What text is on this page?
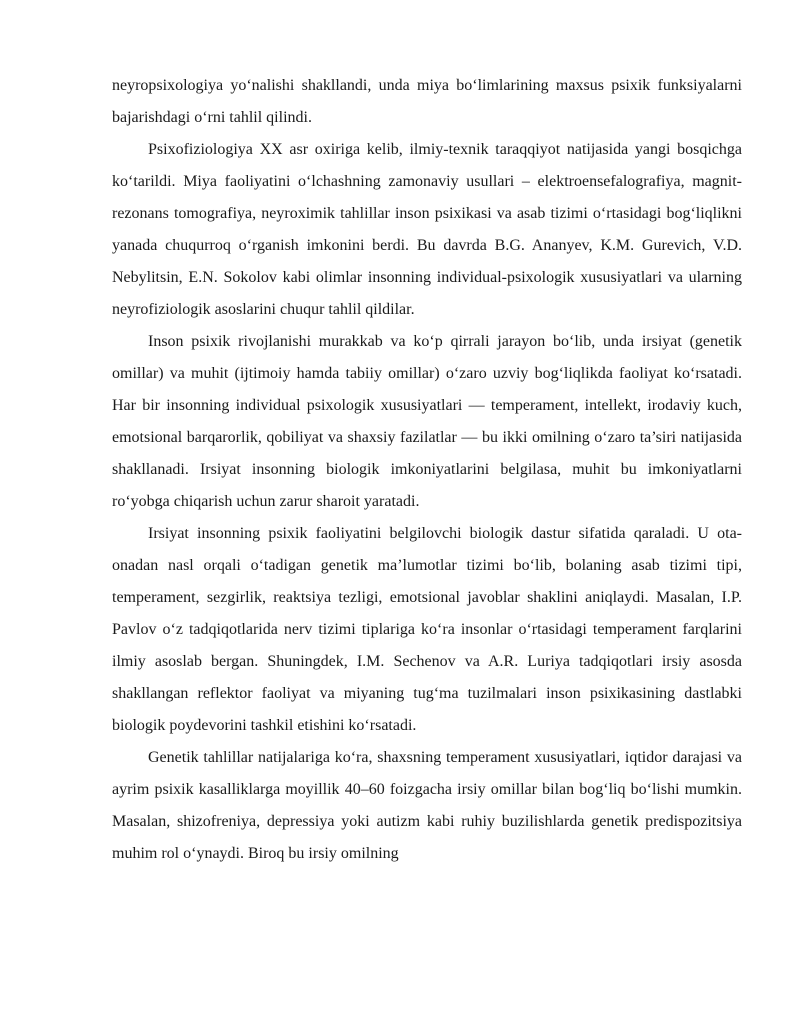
neyropsixologiya yo‘nalishi shakllandi, unda miya bo‘limlarining maxsus psixik funksiyalarni bajarishdagi o‘rni tahlil qilindi.

Psixofiziologiya XX asr oxiriga kelib, ilmiy-texnik taraqqiyot natijasida yangi bosqichga ko‘tarildi. Miya faoliyatini o‘lchashning zamonaviy usullari – elektroensefalografiya, magnit-rezonans tomografiya, neyroximik tahlillar inson psixikasi va asab tizimi o‘rtasidagi bog‘liqlikni yanada chuqurroq o‘rganish imkonini berdi. Bu davrda B.G. Ananyev, K.M. Gurevich, V.D. Nebylitsin, E.N. Sokolov kabi olimlar insonning individual-psixologik xususiyatlari va ularning neyrofiziologik asoslarini chuqur tahlil qildilar.

Inson psixik rivojlanishi murakkab va ko‘p qirrali jarayon bo‘lib, unda irsiyat (genetik omillar) va muhit (ijtimoiy hamda tabiiy omillar) o‘zaro uzviy bog‘liqlikda faoliyat ko‘rsatadi. Har bir insonning individual psixologik xususiyatlari — temperament, intellekt, irodaviy kuch, emotsional barqarorlik, qobiliyat va shaxsiy fazilatlar — bu ikki omilning o‘zaro ta’siri natijasida shakllanadi. Irsiyat insonning biologik imkoniyatlarini belgilasa, muhit bu imkoniyatlarni ro‘yobga chiqarish uchun zarur sharoit yaratadi.

Irsiyat insonning psixik faoliyatini belgilovchi biologik dastur sifatida qaraladi. U ota-onadan nasl orqali o‘tadigan genetik ma’lumotlar tizimi bo‘lib, bolaning asab tizimi tipi, temperament, sezgirlik, reaktsiya tezligi, emotsional javoblar shaklini aniqlaydi. Masalan, I.P. Pavlov o‘z tadqiqotlarida nerv tizimi tiplariga ko‘ra insonlar o‘rtasidagi temperament farqlarini ilmiy asoslab bergan. Shuningdek, I.M. Sechenov va A.R. Luriya tadqiqotlari irsiy asosda shakllangan reflektor faoliyat va miyaning tug‘ma tuzilmalari inson psixikasining dastlabki biologik poydevorini tashkil etishini ko‘rsatadi.

Genetik tahlillar natijalariga ko‘ra, shaxsning temperament xususiyatlari, iqtidor darajasi va ayrim psixik kasalliklarga moyillik 40–60 foizgacha irsiy omillar bilan bog‘liq bo‘lishi mumkin. Masalan, shizofreniya, depressiya yoki autizm kabi ruhiy buzilishlarda genetik predispozitsiya muhim rol o‘ynaydi. Biroq bu irsiy omilning
